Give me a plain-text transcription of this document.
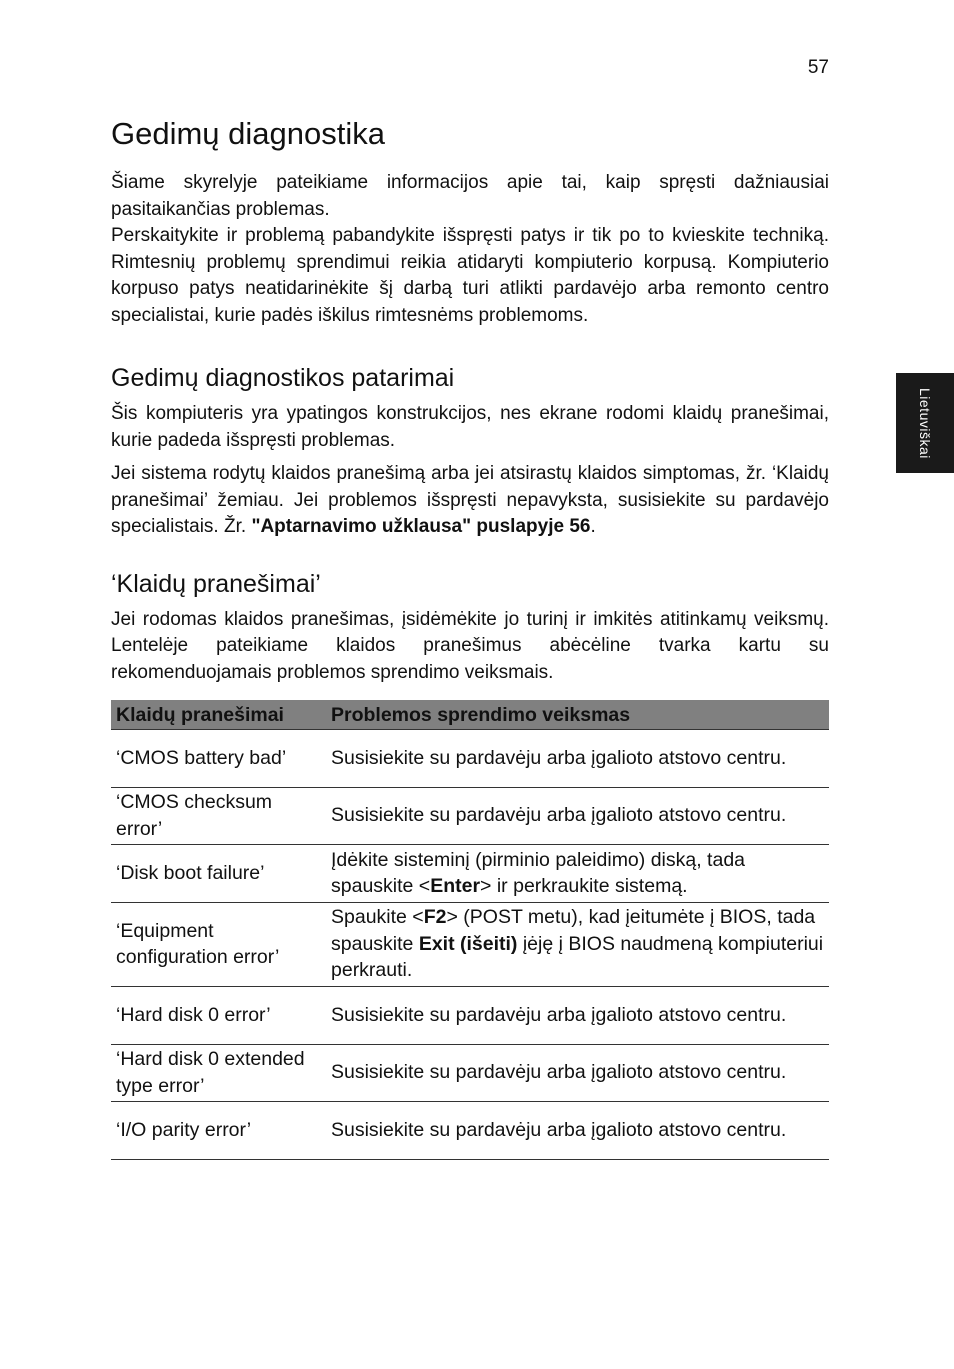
57
Lietuviškai
Gedimų diagnostika

Šiame skyrelyje pateikiame informacijos apie tai, kaip spręsti dažniausiai pasitaikančias problemas.

Perskaitykite ir problemą pabandykite išspręsti patys ir tik po to kvieskite techniką. Rimtesnių problemų sprendimui reikia atidaryti kompiuterio korpusą. Kompiuterio korpuso patys neatidarinėkite šį darbą turi atlikti pardavėjo arba remonto centro specialistai, kurie padės iškilus rimtesnėms problemoms.

Gedimų diagnostikos patarimai

Šis kompiuteris yra ypatingos konstrukcijos, nes ekrane rodomi klaidų pranešimai, kurie padeda išspręsti problemas.

Jei sistema rodytų klaidos pranešimą arba jei atsirastų klaidos simptomas, žr. ‘Klaidų pranešimai’ žemiau. Jei problemos išspręsti nepavyksta, susisiekite su pardavėjo specialistais. Žr. "Aptarnavimo užklausa" puslapyje 56.

‘Klaidų pranešimai’

Jei rodomas klaidos pranešimas, įsidėmėkite jo turinį ir imkitės atitinkamų veiksmų. Lentelėje pateikiame klaidos pranešimus abėcėline tvarka kartu su rekomenduojamais problemos sprendimo veiksmais.

Klaidų pranešimai	Problemos sprendimo veiksmas
‘CMOS battery bad’	Susisiekite su pardavėju arba įgalioto atstovo centru.
‘CMOS checksum error’	Susisiekite su pardavėju arba įgalioto atstovo centru.
‘Disk boot failure’	Įdėkite sisteminį (pirminio paleidimo) diską, tada spauskite <Enter> ir perkraukite sistemą.
‘Equipment configuration error’	Spaukite <F2> (POST metu), kad įeitumėte į BIOS, tada spauskite Exit (išeiti) įėję į BIOS naudmeną kompiuteriui perkrauti.
‘Hard disk 0 error’	Susisiekite su pardavėju arba įgalioto atstovo centru.
‘Hard disk 0 extended type error’	Susisiekite su pardavėju arba įgalioto atstovo centru.
‘I/O parity error’	Susisiekite su pardavėju arba įgalioto atstovo centru.
